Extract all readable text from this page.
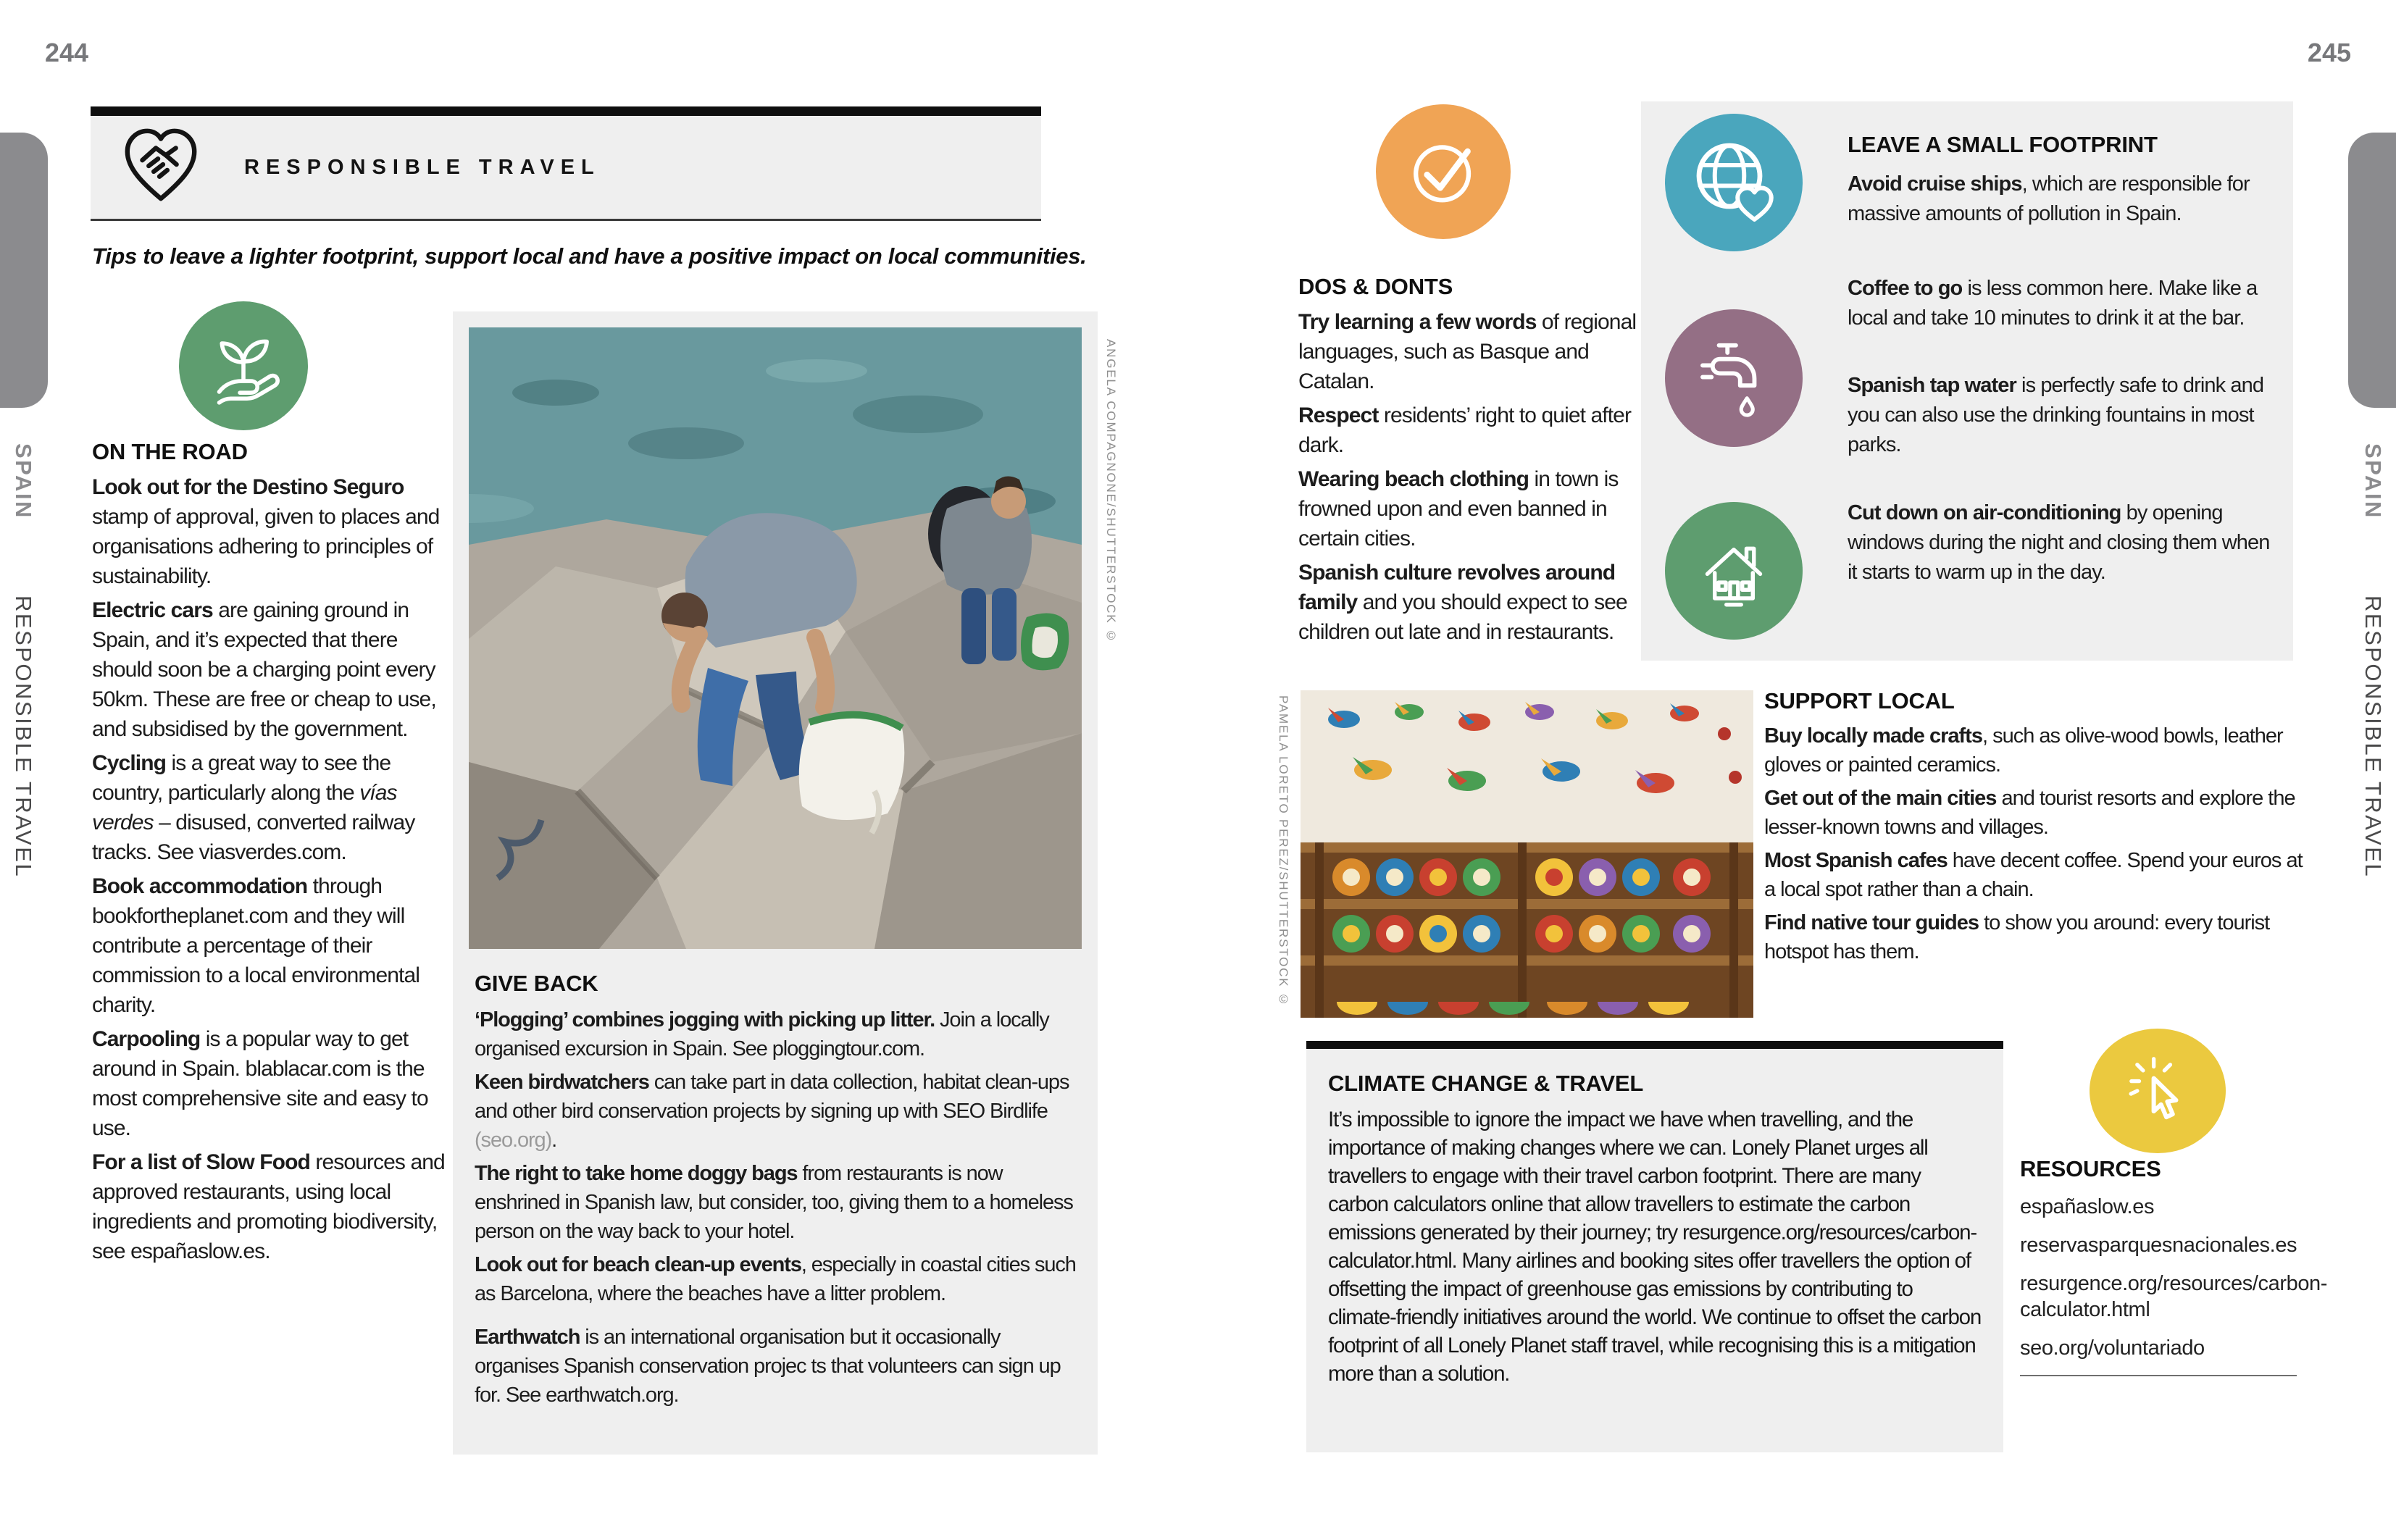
244	245
SPAIN
RESPONSIBLE TRAVEL
SPAIN
RESPONSIBLE TRAVEL
RESPONSIBLE TRAVEL
Tips to leave a lighter footprint, support local and have a positive impact on local communities.
ON THE ROAD

Look out for the Destino Seguro stamp of approval, given to places and organisations adhering to principles of sustainability.

Electric cars are gaining ground in Spain, and it’s expected that there should soon be a charging point every 50km. These are free or cheap to use, and subsidised by the government.

Cycling is a great way to see the country, particularly along the vías verdes – disused, converted railway tracks. See viasverdes.com.

Book accommodation through bookfortheplanet.com and they will contribute a percentage of their commission to a local environmental charity.

Carpooling is a popular way to get around in Spain. blablacar.com is the most comprehensive site and easy to use.

For a list of Slow Food resources and approved restaurants, using local ingredients and promoting biodiversity, see españaslow.es.

ANGELA COMPAGNONE/SHUTTERSTOCK ©
GIVE BACK

‘Plogging’ combines jogging with picking up litter. Join a locally organised excursion in Spain. See ploggingtour.com.

Keen birdwatchers can take part in data collection, habitat clean-ups and other bird conservation projects by signing up with SEO Birdlife (seo.org).

The right to take home doggy bags from restaurants is now enshrined in Spanish law, but consider, too, giving them to a homeless person on the way back to your hotel.

Look out for beach clean-up events, especially in coastal cities such as Barcelona, where the beaches have a litter problem.

Earthwatch is an international organisation but it occasionally organises Spanish conservation projec ts that volunteers can sign up for. See earthwatch.org.

DOS & DONTS

Try learning a few words of regional languages, such as Basque and Catalan.

Respect residents’ right to quiet after dark.

Wearing beach clothing in town is frowned upon and even banned in certain cities.

Spanish culture revolves around family and you should expect to see children out late and in restaurants.

LEAVE A SMALL FOOTPRINT

Avoid cruise ships, which are responsible for massive amounts of pollution in Spain.

Coffee to go is less common here. Make like a local and take 10 minutes to drink it at the bar.

Spanish tap water is perfectly safe to drink and you can also use the drinking fountains in most parks.

Cut down on air-conditioning by opening windows during the night and closing them when it starts to warm up in the day.

PAMELA LORETO PEREZ/SHUTTERSTOCK ©	SUPPORT LOCAL

Buy locally made crafts, such as olive-wood bowls, leather gloves or painted ceramics.

Get out of the main cities and tourist resorts and explore the lesser-known towns and villages.

Most Spanish cafes have decent coffee. Spend your euros at a local spot rather than a chain.

Find native tour guides to show you around: every tourist hotspot has them.

CLIMATE CHANGE & TRAVEL
It’s impossible to ignore the impact we have when travelling, and the importance of making changes where we can. Lonely Planet urges all travellers to engage with their travel carbon footprint. There are many carbon calculators online that allow travellers to estimate the carbon emissions generated by their journey; try resurgence.org/resources/carbon-calculator.html. Many airlines and booking sites offer travellers the option of offsetting the impact of greenhouse gas emissions by contributing to climate-friendly initiatives around the world. We continue to offset the carbon footprint of all Lonely Planet staff travel, while recognising this is a mitigation more than a solution.
RESOURCES
españaslow.es
reservasparquesnacionales.es
resurgence.org/resources/carbon-calculator.html
seo.org/voluntariado
